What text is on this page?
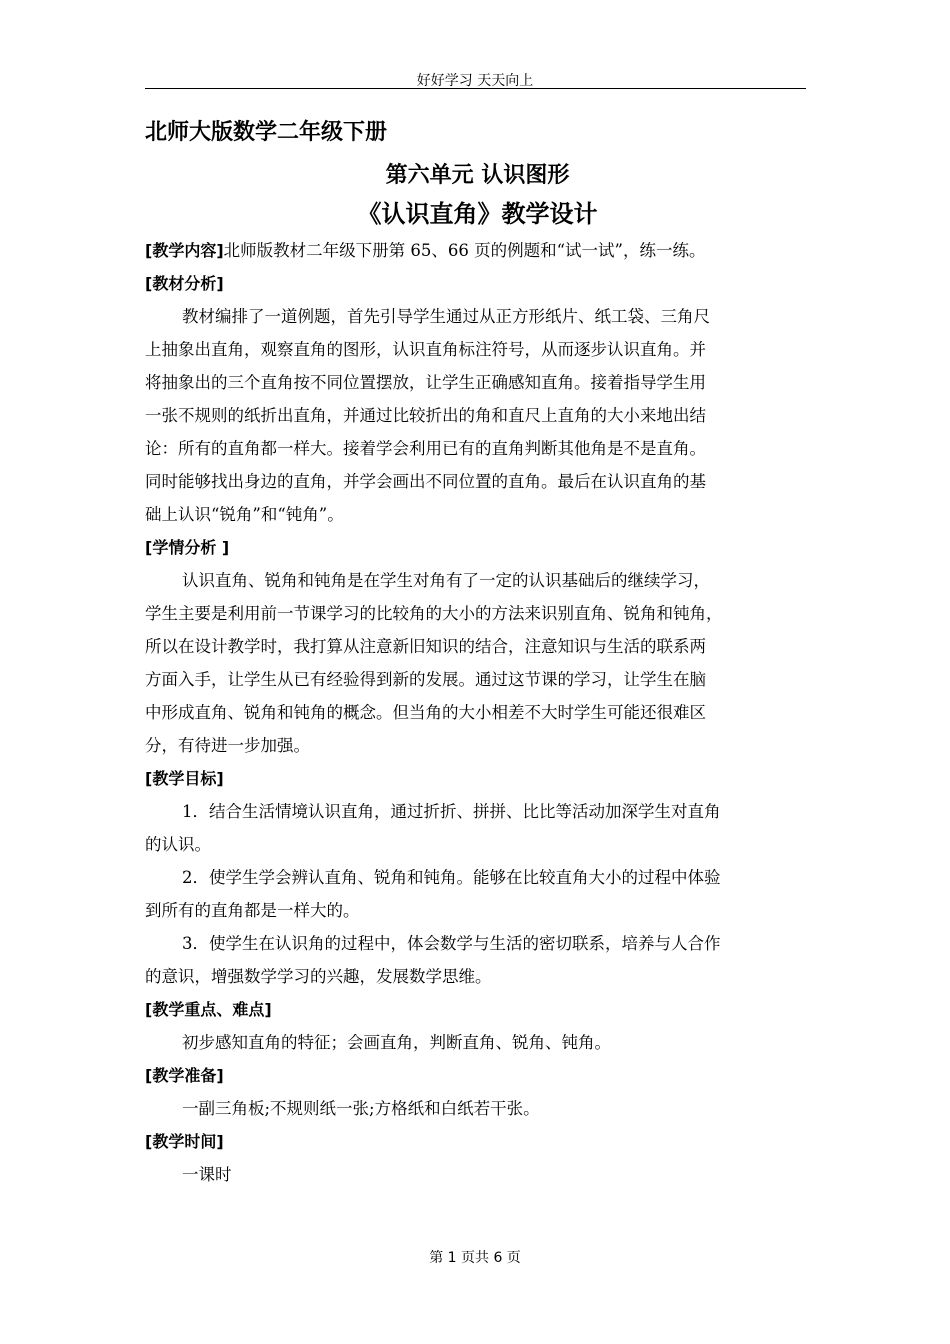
好好学习 天天向上
北师大版数学二年级下册
第六单元 认识图形
《认识直角》教学设计
[教学内容]北师版教材二年级下册第 65、66 页的例题和“试一试”，练一练。
[教材分析]
教材编排了一道例题，首先引导学生通过从正方形纸片、纸工袋、三角尺
上抽象出直角，观察直角的图形，认识直角标注符号，从而逐步认识直角。并
将抽象出的三个直角按不同位置摆放，让学生正确感知直角。接着指导学生用
一张不规则的纸折出直角，并通过比较折出的角和直尺上直角的大小来地出结
论：所有的直角都一样大。接着学会利用已有的直角判断其他角是不是直角。
同时能够找出身边的直角，并学会画出不同位置的直角。最后在认识直角的基
础上认识“锐角”和“钝角”。
[学情分析 ]
认识直角、锐角和钝角是在学生对角有了一定的认识基础后的继续学习，
学生主要是利用前一节课学习的比较角的大小的方法来识别直角、锐角和钝角，
所以在设计教学时，我打算从注意新旧知识的结合，注意知识与生活的联系两
方面入手，让学生从已有经验得到新的发展。通过这节课的学习，让学生在脑
中形成直角、锐角和钝角的概念。但当角的大小相差不大时学生可能还很难区
分，有待进一步加强。
[教学目标]
1．结合生活情境认识直角，通过折折、拼拼、比比等活动加深学生对直角
的认识。
2．使学生学会辨认直角、锐角和钝角。能够在比较直角大小的过程中体验
到所有的直角都是一样大的。
3．使学生在认识角的过程中，体会数学与生活的密切联系，培养与人合作
的意识，增强数学学习的兴趣，发展数学思维。
[教学重点、难点]
初步感知直角的特征；会画直角，判断直角、锐角、钝角。
[教学准备]
一副三角板;不规则纸一张;方格纸和白纸若干张。
[教学时间]
一课时
第 1 页共 6 页
